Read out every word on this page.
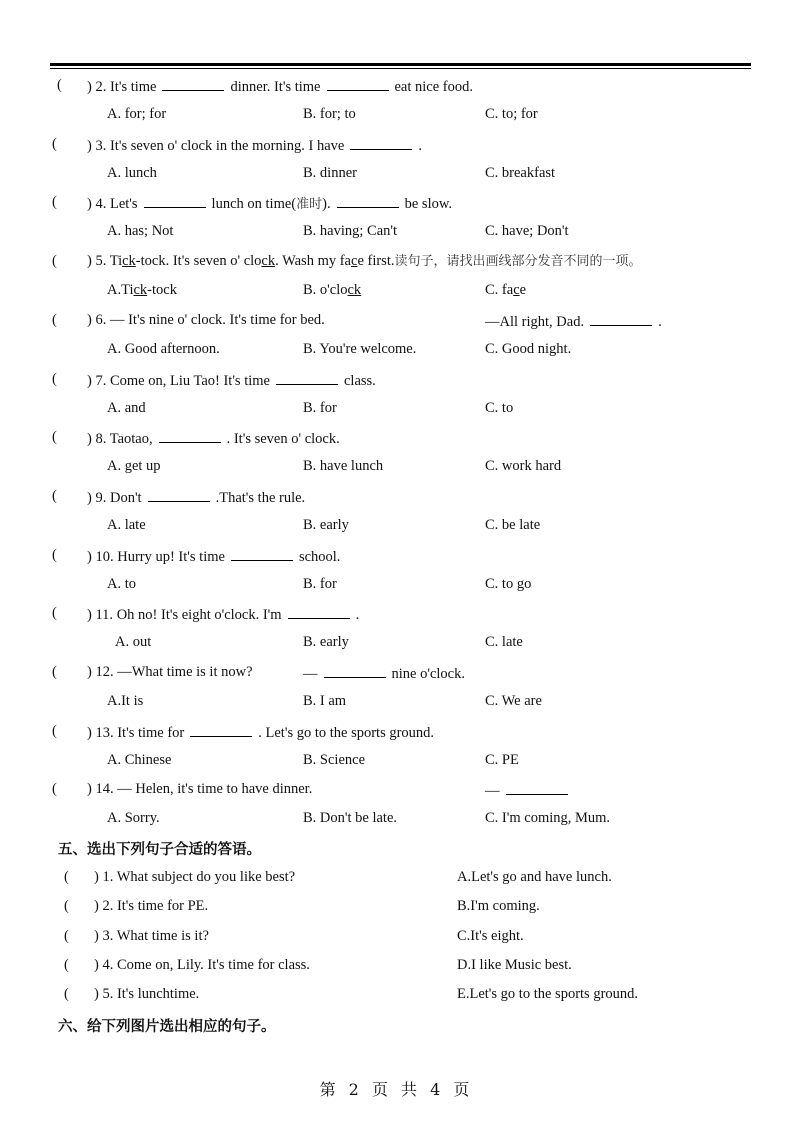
五、选出下列句子合适的答语。
六、给下列图片选出相应的句子。
第 2 页 共 4 页
( ) 2. It's time	dinner. It's time	eat nice food.
A. for; for	B. for; to	C. to; for
( ) 3. It's seven o' clock in the morning. I have	.
A. lunch	B. dinner	C. breakfast
( ) 4. Let's	lunch on time(准时).	be slow.
A. has; Not	B. having; Can't	C. have; Don't
( ) 5. Tick-tock. It's seven o' clock. Wash my face first.读句子，请找出画线部分发音不同的一项。
A.Tick-tock	B. o'clock	C. face
( ) 6. — It's nine o' clock. It's time for bed.	—All right, Dad.	.
A. Good afternoon.	B. You're welcome.	C. Good night.
( ) 7. Come on, Liu Tao! It's time	class.
A. and	B. for	C. to
( ) 8. Taotao,	. It's seven o' clock.
A. get up	B. have lunch	C. work hard
( ) 9. Don't	.That's the rule.
A. late	B. early	C. be late
( ) 10. Hurry up! It's time	school.
A. to	B. for	C. to go
( ) 11. Oh no! It's eight o'clock. I'm	.
A. out	B. early	C. late
( ) 12. —What time is it now?	—	nine o'clock.
A.It is	B. I am	C. We are
( ) 13. It's time for	. Let's go to the sports ground.
A. Chinese	B. Science	C. PE
( ) 14. — Helen, it's time to have dinner.	—
A. Sorry.	B. Don't be late.	C. I'm coming, Mum.
( ) 1. What subject do you like best?	A.Let's go and have lunch.
( ) 2. It's time for PE.	B.I'm coming.
( ) 3. What time is it?	C.It's eight.
( ) 4. Come on, Lily. It's time for class.	D.I like Music best.
( ) 5. It's lunchtime.	E.Let's go to the sports ground.
